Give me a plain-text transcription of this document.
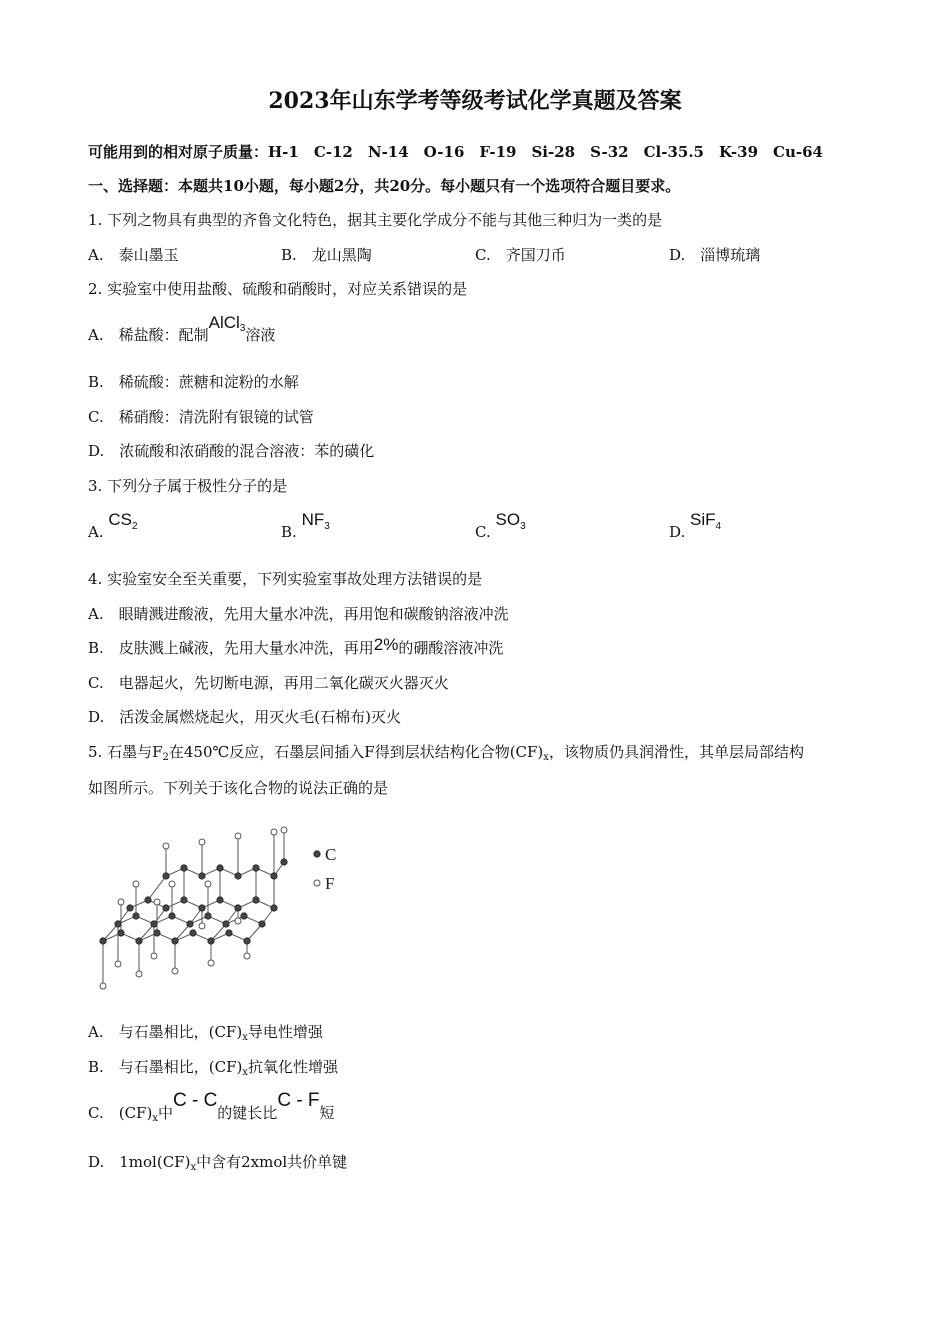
2023年山东学考等级考试化学真题及答案
可能用到的相对原子质量：H-1　C-12　N-14　O-16　F-19　Si-28　S-32　Cl-35.5　K-39　Cu-64
一、选择题：本题共10小题，每小题2分，共20分。每小题只有一个选项符合题目要求。
1. 下列之物具有典型的齐鲁文化特色，据其主要化学成分不能与其他三种归为一类的是
A.　泰山墨玉	B.　龙山黑陶	C.　齐国刀币	D.　淄博琉璃
2. 实验室中使用盐酸、硫酸和硝酸时，对应关系错误的是
A.　稀盐酸：配制AlCl$_3$溶液
B.　稀硫酸：蔗糖和淀粉的水解
C.　稀硝酸：清洗附有银镜的试管
D.　浓硫酸和浓硝酸的混合溶液：苯的磺化
3. 下列分子属于极性分子的是
A. $CS_2$	B. $NF_3$	C. $SO_3$	D. SiF$_4$
4. 实验室安全至关重要，下列实验室事故处理方法错误的是
A.　眼睛溅进酸液，先用大量水冲洗，再用饱和碳酸钠溶液冲洗
B.　皮肤溅上碱液，先用大量水冲洗，再用2%的硼酸溶液冲洗
C.　电器起火，先切断电源，再用二氧化碳灭火器灭火
D.　活泼金属燃烧起火，用灭火毛(石棉布)灭火
5. 石墨与$F_2$在450℃反应，石墨层间插入F得到层状结构化合物$(CF)_x$，该物质仍具润滑性，其单层局部结构
如图所示。下列关于该化合物的说法正确的是
C
F
A.　与石墨相比，$(CF)_x$导电性增强
B.　与石墨相比，$(CF)_x$抗氧化性增强
C.　$(CF)_x$中C - C的键长比C - F短
D.　$1mol(CF)_x$中含有2xmol共价单键
